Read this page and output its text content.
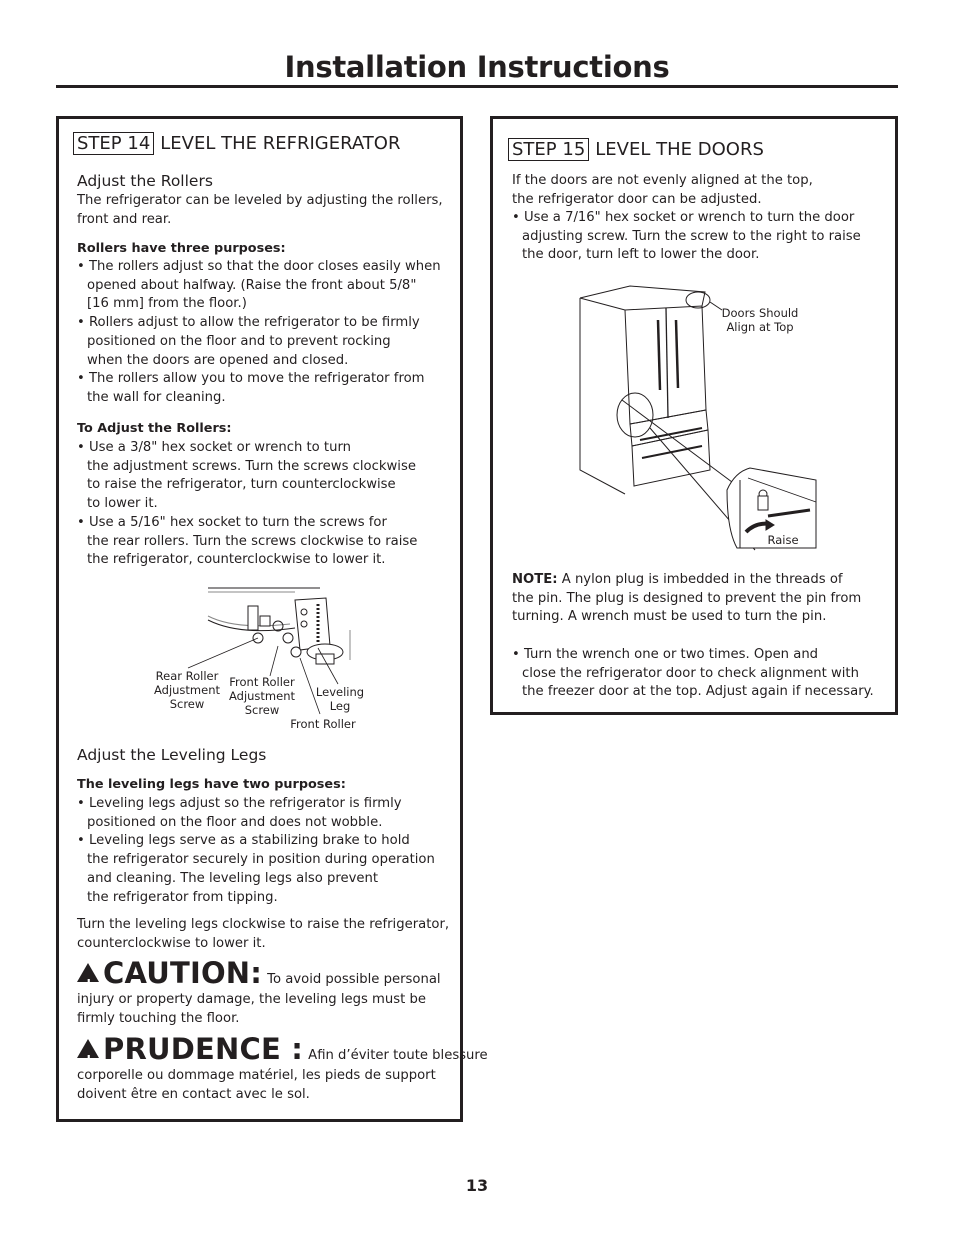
Installation Instructions
STEP 14 LEVEL THE REFRIGERATOR
Adjust the Rollers
The refrigerator can be leveled by adjusting the rollers,
front and rear.
Rollers have three purposes:
• The rollers adjust so that the door closes easily when
opened about halfway. (Raise the front about 5/8"
[16 mm] from the floor.)
• Rollers adjust to allow the refrigerator to be firmly
positioned on the floor and to prevent rocking
when the doors are opened and closed.
• The rollers allow you to move the refrigerator from
the wall for cleaning.
To Adjust the Rollers:
• Use a 3/8" hex socket or wrench to turn
the adjustment screws. Turn the screws clockwise
to raise the refrigerator, turn counterclockwise
to lower it.
• Use a 5/16" hex socket to turn the screws for
the rear rollers. Turn the screws clockwise to raise
the refrigerator, counterclockwise to lower it.
Rear Roller
Adjustment
Screw
Front Roller
Adjustment
Screw
Leveling
Leg
Front Roller
Adjust the Leveling Legs
The leveling legs have two purposes:
• Leveling legs adjust so the refrigerator is firmly
positioned on the floor and does not wobble.
• Leveling legs serve as a stabilizing brake to hold
the refrigerator securely in position during operation
and cleaning. The leveling legs also prevent
the refrigerator from tipping.
Turn the leveling legs clockwise to raise the refrigerator,
counterclockwise to lower it.
! CAUTION: To avoid possible personal
injury or property damage, the leveling legs must be
firmly touching the floor.
! PRUDENCE : Afin d’éviter toute blessure
corporelle ou dommage matériel, les pieds de support
doivent être en contact avec le sol.
STEP 15 LEVEL THE DOORS
If the doors are not evenly aligned at the top,
the refrigerator door can be adjusted.
• Use a 7/16" hex socket or wrench to turn the door
adjusting screw. Turn the screw to the right to raise
the door, turn left to lower the door.
Doors Should
Align at Top
Raise
NOTE: A nylon plug is imbedded in the threads of
the pin. The plug is designed to prevent the pin from
turning. A wrench must be used to turn the pin.
• Turn the wrench one or two times. Open and
close the refrigerator door to check alignment with
the freezer door at the top. Adjust again if necessary.
13
